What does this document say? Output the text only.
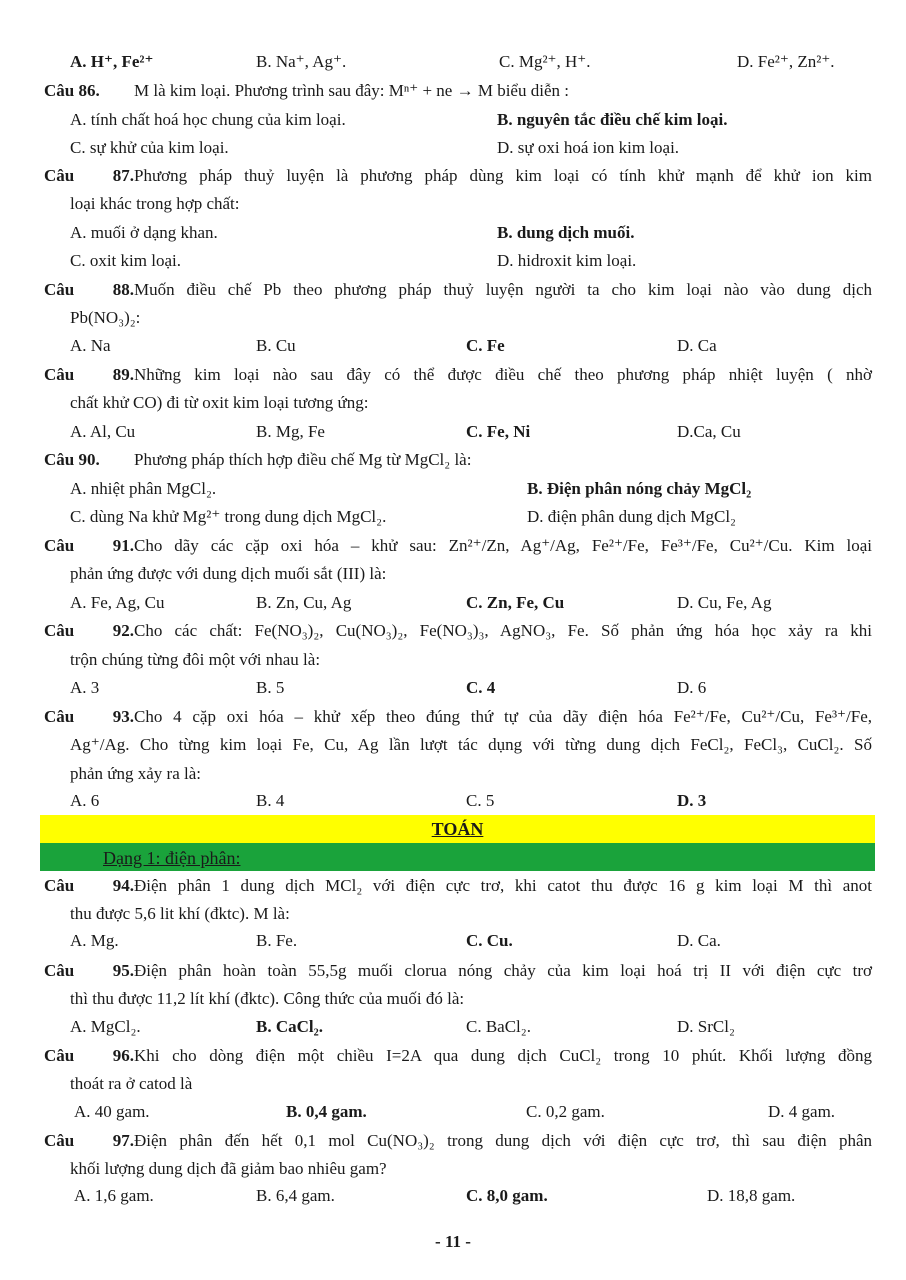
A. H⁺, Fe²⁺	B. Na⁺, Ag⁺.	C. Mg²⁺, H⁺.	D. Fe²⁺, Zn²⁺.
Câu 86. M là kim loại. Phương trình sau đây: Mⁿ⁺ + ne → M biểu diễn :
A. tính chất hoá học chung của kim loại.	B. nguyên tắc điều chế kim loại.
C. sự khử của kim loại.	D. sự oxi hoá ion kim loại.
Câu 87.Phương pháp thuỷ luyện là phương pháp dùng kim loại có tính khử mạnh để khử ion kim
loại khác trong hợp chất:
A. muối ở dạng khan.	B. dung dịch muối.
C. oxit kim loại.	D. hidroxit kim loại.
Câu 88.Muốn điều chế Pb theo phương pháp thuỷ luyện người ta cho kim loại nào vào dung dịch
Pb(NO₃)₂:
A. Na	B. Cu	C. Fe	D. Ca
Câu 89.Những kim loại nào sau đây có thể được điều chế theo phương pháp nhiệt luyện ( nhờ
chất khử CO) đi từ oxit kim loại tương ứng:
A. Al, Cu	B. Mg, Fe	C. Fe, Ni	D.Ca, Cu
Câu 90. Phương pháp thích hợp điều chế Mg từ MgCl₂ là:
A. nhiệt phân MgCl₂.	B. Điện phân nóng chảy MgCl₂
C. dùng Na khử Mg²⁺ trong dung dịch MgCl₂.	D. điện phân dung dịch MgCl₂
Câu 91.Cho dãy các cặp oxi hóa – khử sau: Zn²⁺/Zn, Ag⁺/Ag, Fe²⁺/Fe, Fe³⁺/Fe, Cu²⁺/Cu. Kim loại
phản ứng được với dung dịch muối sắt (III) là:
A. Fe, Ag, Cu	B. Zn, Cu, Ag	C. Zn, Fe, Cu	D. Cu, Fe, Ag
Câu 92.Cho các chất: Fe(NO₃)₂, Cu(NO₃)₂, Fe(NO₃)₃, AgNO₃, Fe. Số phản ứng hóa học xảy ra khi
trộn chúng từng đôi một với nhau là:
A. 3	B. 5	C. 4	D. 6
Câu 93.Cho 4 cặp oxi hóa – khử xếp theo đúng thứ tự của dãy điện hóa Fe²⁺/Fe, Cu²⁺/Cu, Fe³⁺/Fe,
Ag⁺/Ag. Cho từng kim loại Fe, Cu, Ag lần lượt tác dụng với từng dung dịch FeCl₂, FeCl₃, CuCl₂. Số
phản ứng xảy ra là:
A. 6	B. 4	C. 5	D. 3
TOÁN
Dạng 1: điện phân:
Câu 94.Điện phân 1 dung dịch MCl₂ với điện cực trơ, khi catot thu được 16 g kim loại M thì anot
thu được 5,6 lit khí (đktc). M là:
A. Mg.	B. Fe.	C. Cu.	D. Ca.
Câu 95.Điện phân hoàn toàn 55,5g muối clorua nóng chảy của kim loại hoá trị II với điện cực trơ
thì thu được 11,2 lít khí (đktc). Công thức của muối đó là:
A. MgCl₂.	B. CaCl₂.	C. BaCl₂.	D. SrCl₂
Câu 96.Khi cho dòng điện một chiều I=2A qua dung dịch CuCl₂ trong 10 phút. Khối lượng đồng
thoát ra ở catod là
A. 40 gam.	B. 0,4 gam.	C. 0,2 gam.	D. 4 gam.
Câu 97.Điện phân đến hết 0,1 mol Cu(NO₃)₂ trong dung dịch với điện cực trơ, thì sau điện phân
khối lượng dung dịch đã giảm bao nhiêu gam?
A. 1,6 gam.	B. 6,4 gam.	C. 8,0 gam.	D. 18,8 gam.
- 11 -
